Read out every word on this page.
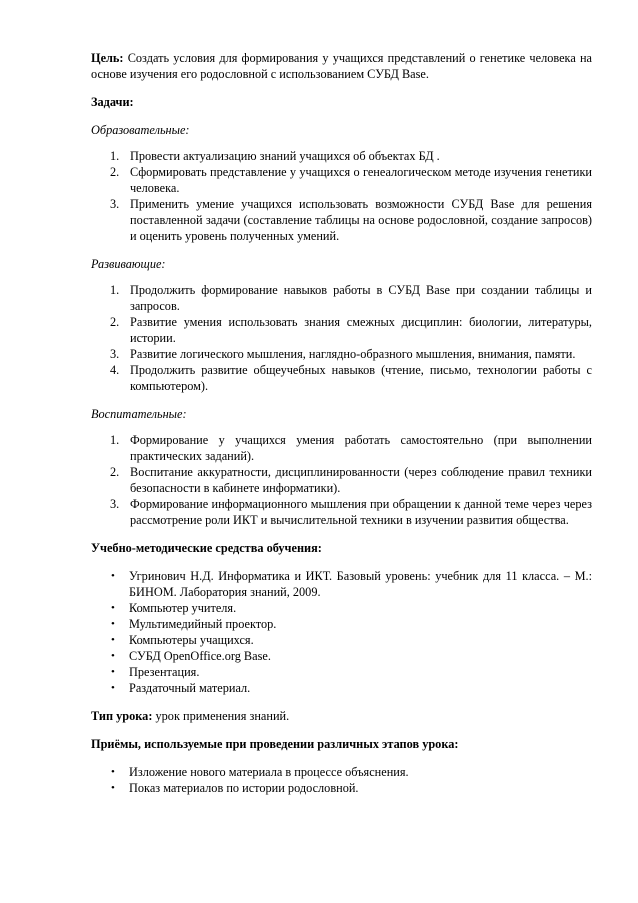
Цель: Создать условия для формирования у учащихся представлений о генетике человека на основе изучения его родословной с использованием СУБД Base.

Задачи:

Образовательные:

1. Провести актуализацию знаний учащихся об объектах БД .
2. Сформировать представление у учащихся о генеалогическом методе изучения генетики человека.
3. Применить умение учащихся использовать возможности СУБД Base для решения поставленной задачи (составление таблицы на основе родословной, создание запросов) и оценить уровень полученных умений.

Развивающие:

1. Продолжить формирование навыков работы в СУБД Base при создании таблицы и запросов.
2. Развитие умения использовать знания смежных дисциплин: биологии, литературы, истории.
3. Развитие логического мышления, наглядно-образного мышления, внимания, памяти.
4. Продолжить развитие общеучебных навыков (чтение, письмо, технологии работы с компьютером).

Воспитательные:

1. Формирование у учащихся умения работать самостоятельно (при выполнении практических заданий).
2. Воспитание аккуратности, дисциплинированности (через соблюдение правил техники безопасности в кабинете информатики).
3. Формирование информационного мышления при обращении к данной теме через через рассмотрение роли ИКТ и вычислительной техники в изучении развития общества.

Учебно-методические средства обучения:

• Угринович Н.Д. Информатика и ИКТ. Базовый уровень: учебник для 11 класса. – М.: БИНОМ. Лаборатория знаний, 2009.
• Компьютер учителя.
• Мультимедийный проектор.
• Компьютеры учащихся.
• СУБД OpenOffice.org Base.
• Презентация.
• Раздаточный материал.

Тип урока: урок применения знаний.

Приёмы, используемые при проведении различных этапов урока:

• Изложение нового материала в процессе объяснения.
• Показ материалов по истории родословной.
